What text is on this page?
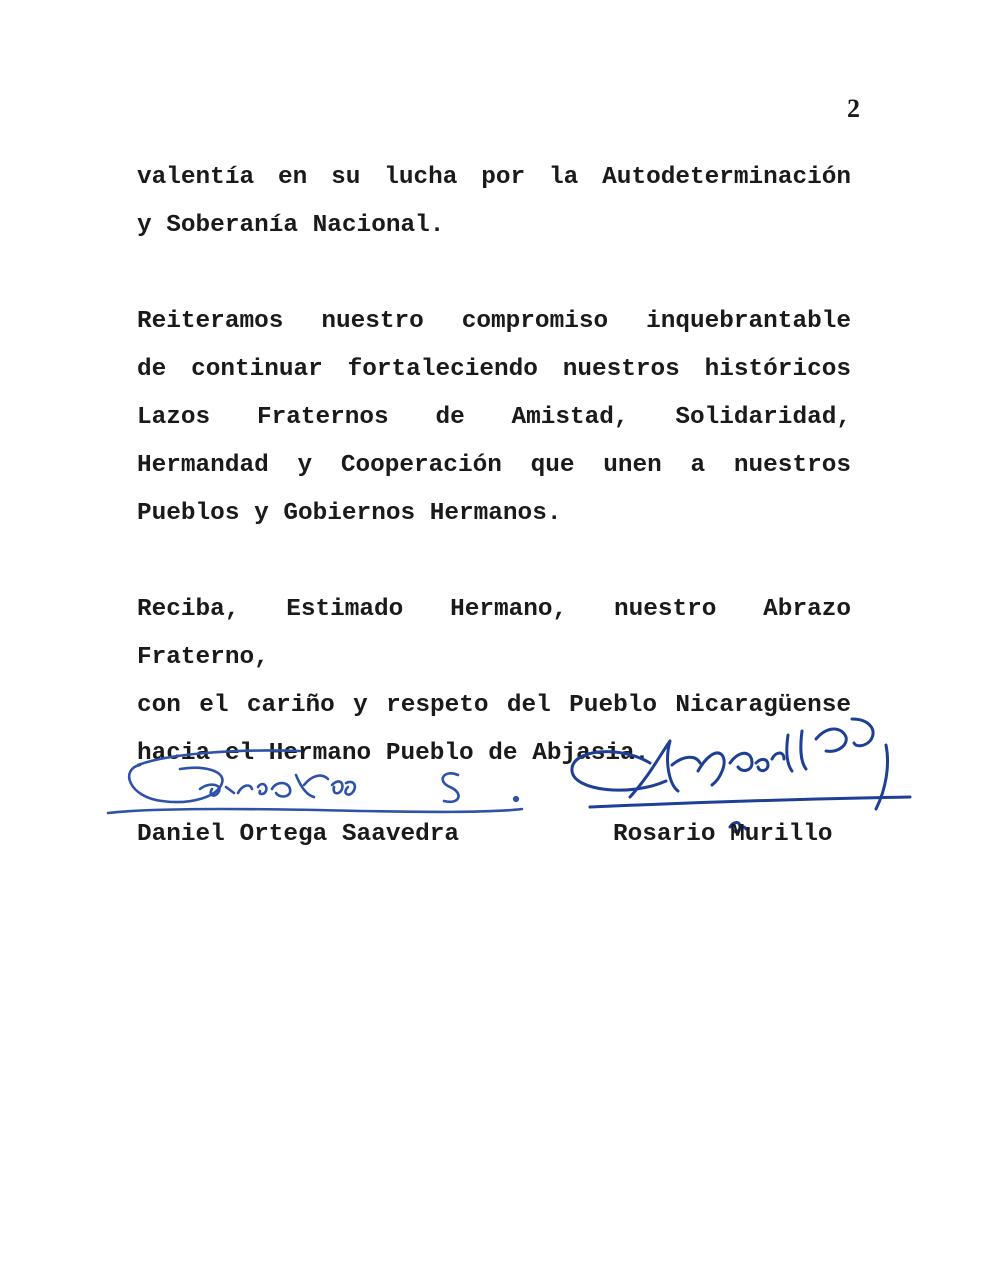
2
valentía en su lucha por la Autodeterminación
y Soberanía Nacional.
Reiteramos nuestro compromiso inquebrantable
de continuar fortaleciendo nuestros históricos
Lazos Fraternos de Amistad, Solidaridad,
Hermandad y Cooperación que unen a nuestros
Pueblos y Gobiernos Hermanos.
Reciba, Estimado Hermano, nuestro Abrazo Fraterno,
con el cariño y respeto del Pueblo Nicaragüense
hacia el Hermano Pueblo de Abjasia.
Daniel Ortega Saavedra	Rosario Murillo
